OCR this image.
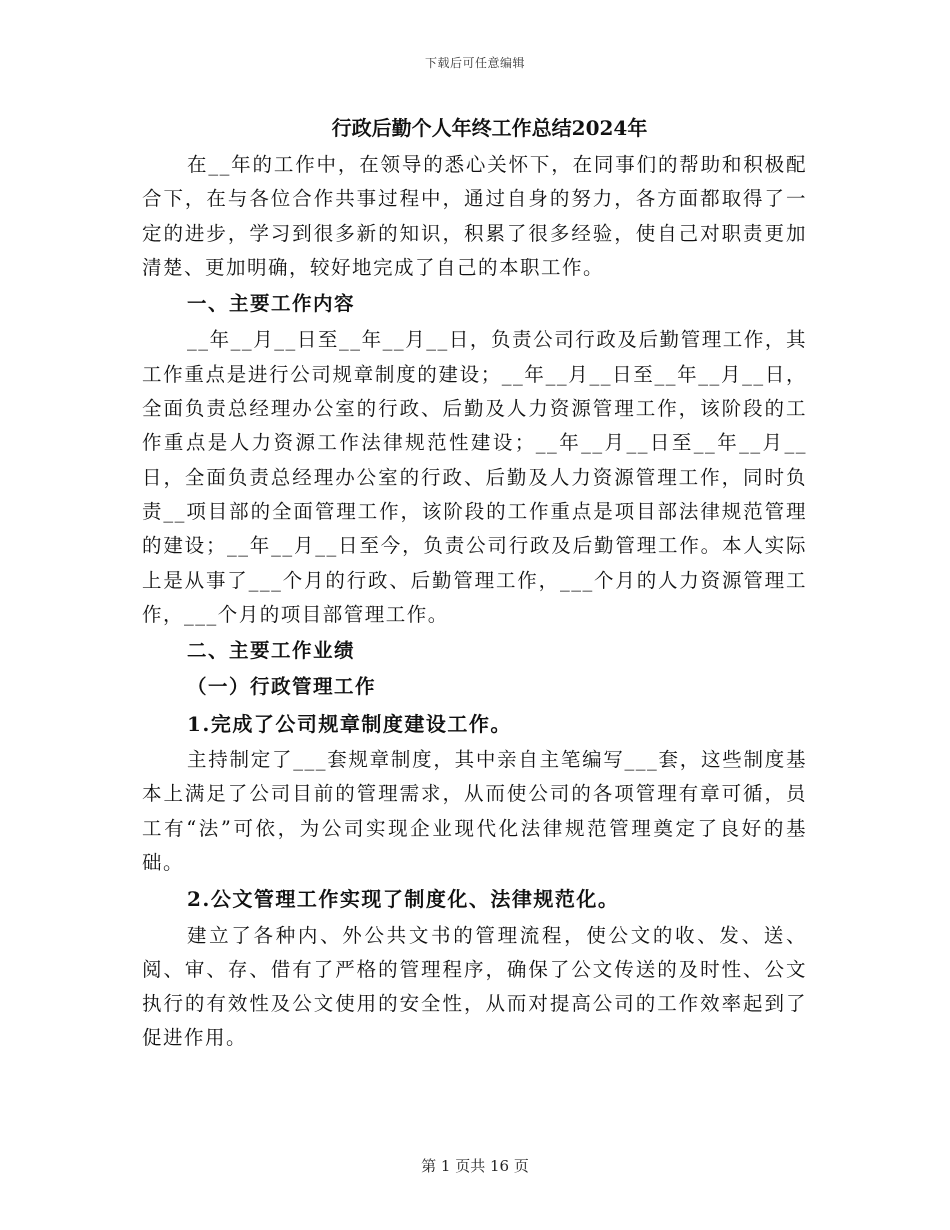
下载后可任意编辑
行政后勤个人年终工作总结2024年

在__年的工作中，在领导的悉心关怀下，在同事们的帮助和积极配合下，在与各位合作共事过程中，通过自身的努力，各方面都取得了一定的进步，学习到很多新的知识，积累了很多经验，使自己对职责更加清楚、更加明确，较好地完成了自己的本职工作。

一、主要工作内容

__年__月__日至__年__月__日，负责公司行政及后勤管理工作，其工作重点是进行公司规章制度的建设；__年__月__日至__年__月__日，全面负责总经理办公室的行政、后勤及人力资源管理工作，该阶段的工作重点是人力资源工作法律规范性建设；__年__月__日至__年__月__日，全面负责总经理办公室的行政、后勤及人力资源管理工作，同时负责__项目部的全面管理工作，该阶段的工作重点是项目部法律规范管理的建设；__年__月__日至今，负责公司行政及后勤管理工作。本人实际上是从事了___个月的行政、后勤管理工作，___个月的人力资源管理工作，___个月的项目部管理工作。

二、主要工作业绩

（一）行政管理工作

1.完成了公司规章制度建设工作。

主持制定了___套规章制度，其中亲自主笔编写___套，这些制度基本上满足了公司目前的管理需求，从而使公司的各项管理有章可循，员工有“法”可依，为公司实现企业现代化法律规范管理奠定了良好的基础。

2.公文管理工作实现了制度化、法律规范化。

建立了各种内、外公共文书的管理流程，使公文的收、发、送、阅、审、存、借有了严格的管理程序，确保了公文传送的及时性、公文执行的有效性及公文使用的安全性，从而对提高公司的工作效率起到了促进作用。

第 1 页共 16 页
